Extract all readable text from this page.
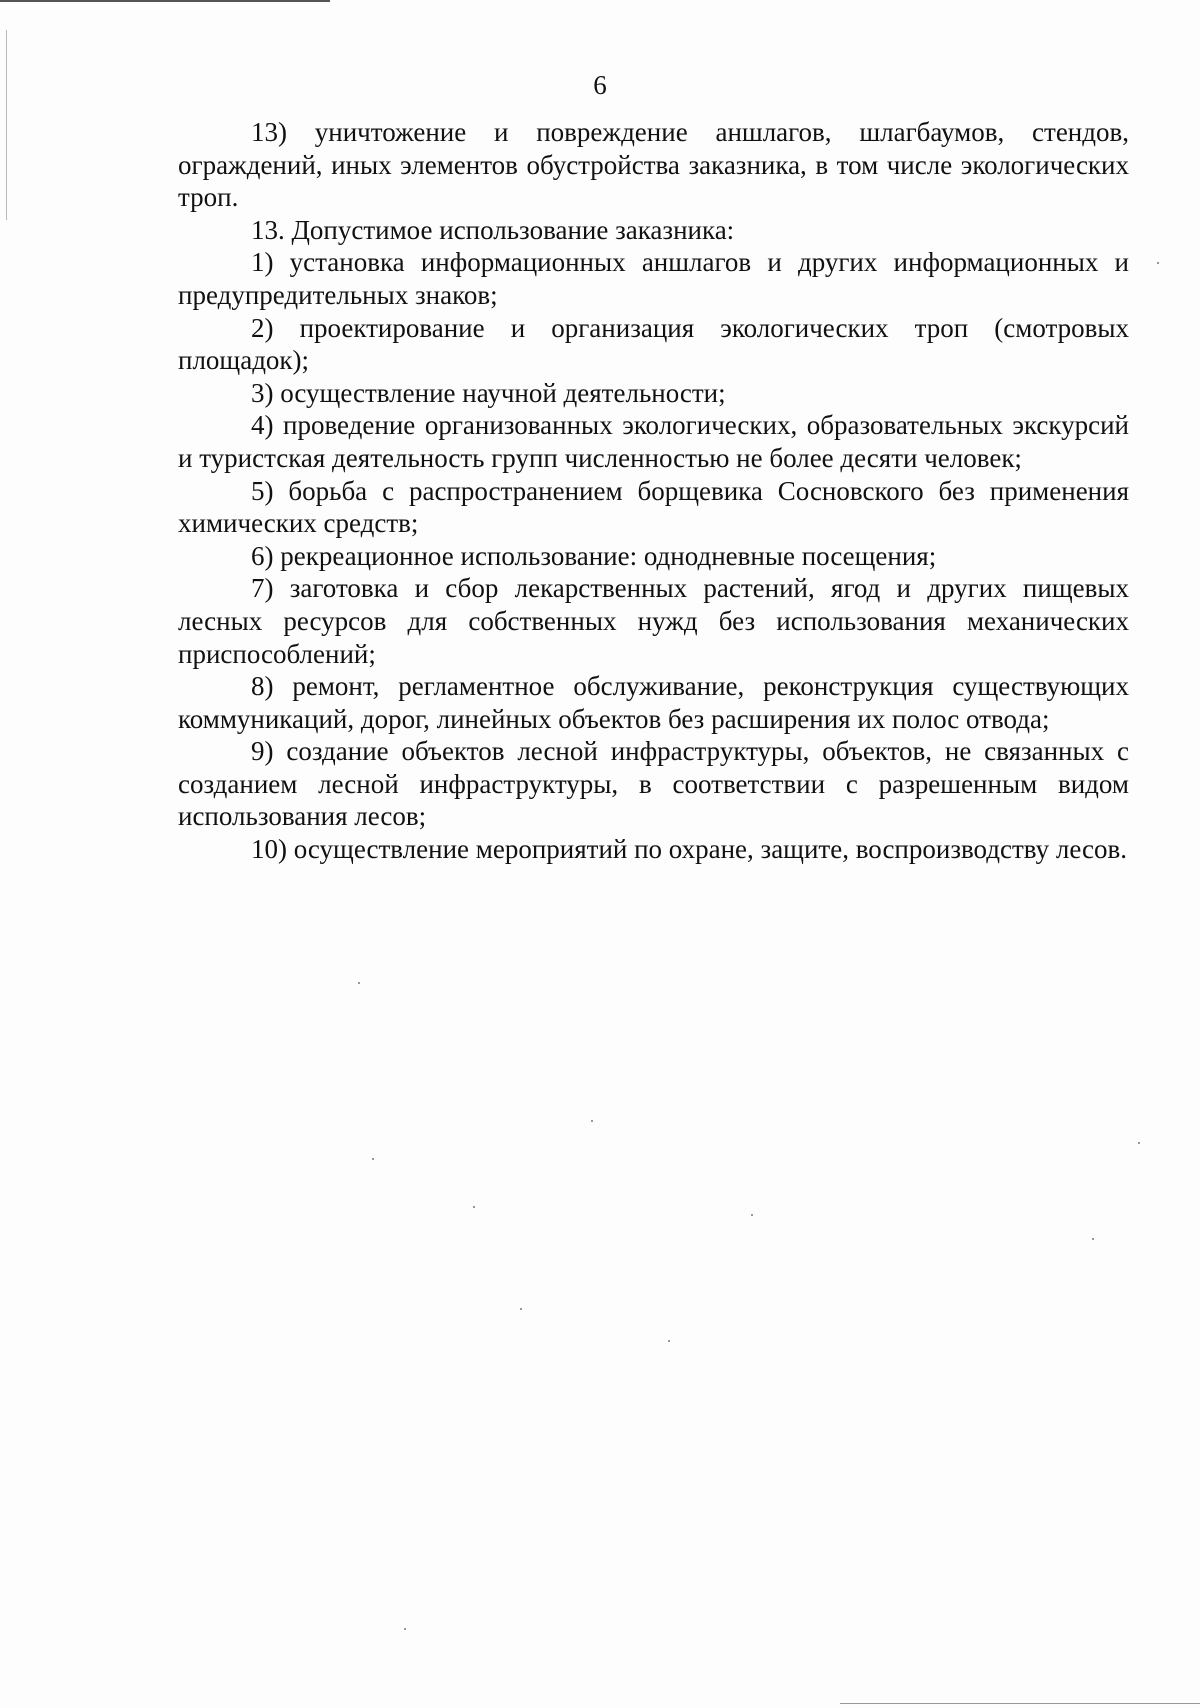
6

13) уничтожение и повреждение аншлагов, шлагбаумов, стендов, ограждений, иных элементов обустройства заказника, в том числе экологических троп.

13. Допустимое использование заказника:

1) установка информационных аншлагов и других информационных и предупредительных знаков;

2) проектирование и организация экологических троп (смотровых площадок);

3) осуществление научной деятельности;

4) проведение организованных экологических, образовательных экскурсий и туристская деятельность групп численностью не более десяти человек;

5) борьба с распространением борщевика Сосновского без применения химических средств;

6) рекреационное использование: однодневные посещения;

7) заготовка и сбор лекарственных растений, ягод и других пищевых лесных ресурсов для собственных нужд без использования механических приспособлений;

8) ремонт, регламентное обслуживание, реконструкция существующих коммуникаций, дорог, линейных объектов без расширения их полос отвода;

9) создание объектов лесной инфраструктуры, объектов, не связанных с созданием лесной инфраструктуры, в соответствии с разрешенным видом использования лесов;

10) осуществление мероприятий по охране, защите, воспроизводству лесов.
